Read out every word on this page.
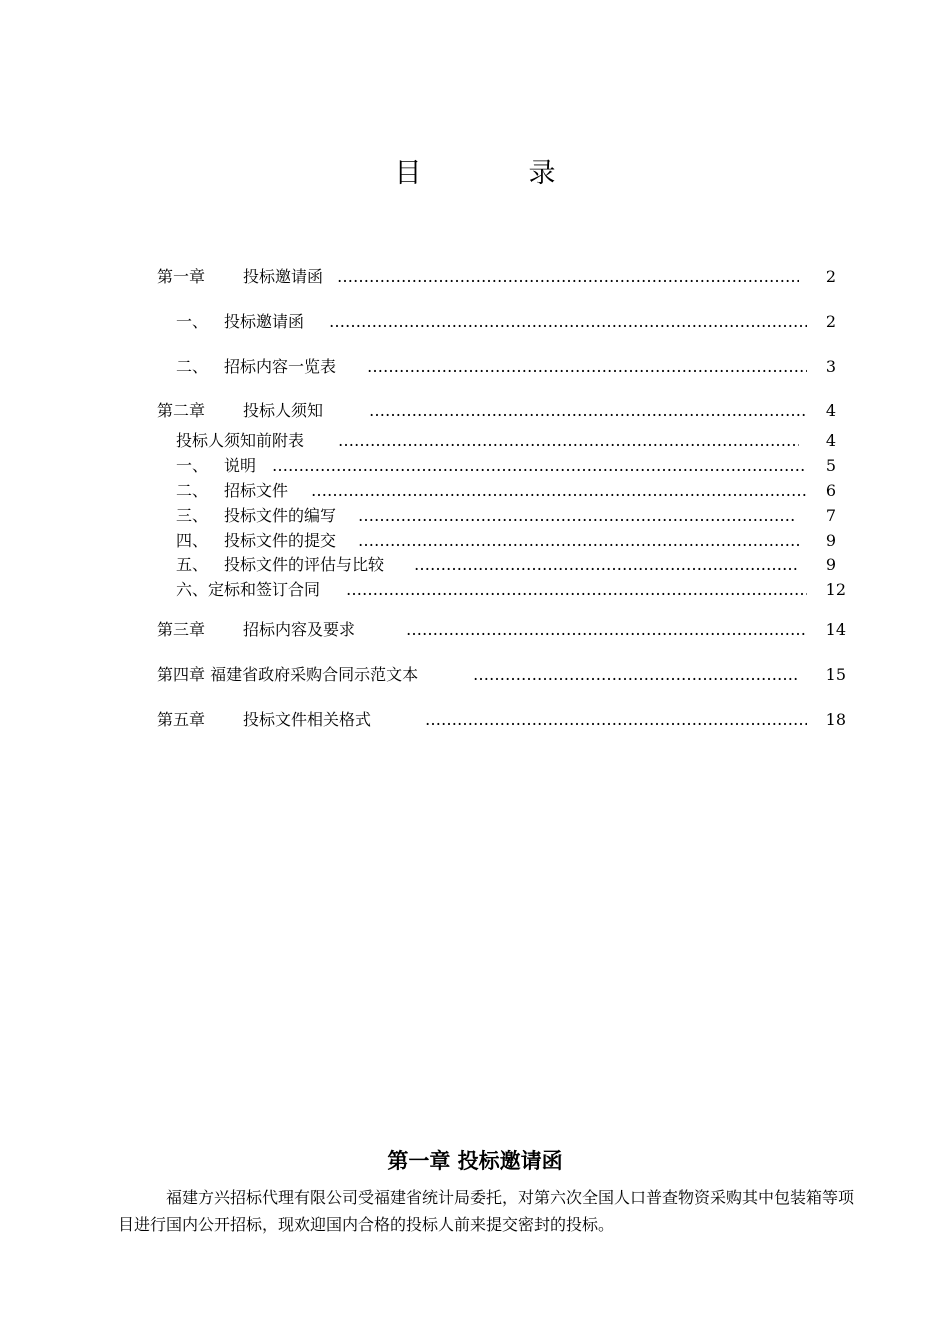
目　录
第一章 投标邀请函 …………………………………………………………………………………………………………………………………………………………………………	2
一、 投标邀请函 …………………………………………………………………………………………………………………………………………………………………………	2
二、 招标内容一览表 …………………………………………………………………………………………………………………………………………………………………………	3
第二章 投标人须知 …………………………………………………………………………………………………………………………………………………………………………	4
投标人须知前附表 …………………………………………………………………………………………………………………………………………………………………………	4
一、 说明 …………………………………………………………………………………………………………………………………………………………………………	5
二、 招标文件 …………………………………………………………………………………………………………………………………………………………………………	6
三、 投标文件的编写 …………………………………………………………………………………………………………………………………………………………………………	7
四、 投标文件的提交 …………………………………………………………………………………………………………………………………………………………………………	9
五、 投标文件的评估与比较 …………………………………………………………………………………………………………………………………………………………………………	9
六、定标和签订合同 …………………………………………………………………………………………………………………………………………………………………………	12
第三章 招标内容及要求 …………………………………………………………………………………………………………………………………………………………………………	14
第四章 福建省政府采购合同示范文本 …………………………………………………………………………………………………………………………………………………………………………	15
第五章 投标文件相关格式 …………………………………………………………………………………………………………………………………………………………………………	18
第一章 投标邀请函
福建方兴招标代理有限公司受福建省统计局委托，对第六次全国人口普查物资采购其中包装箱等项目进行国内公开招标，现欢迎国内合格的投标人前来提交密封的投标。
